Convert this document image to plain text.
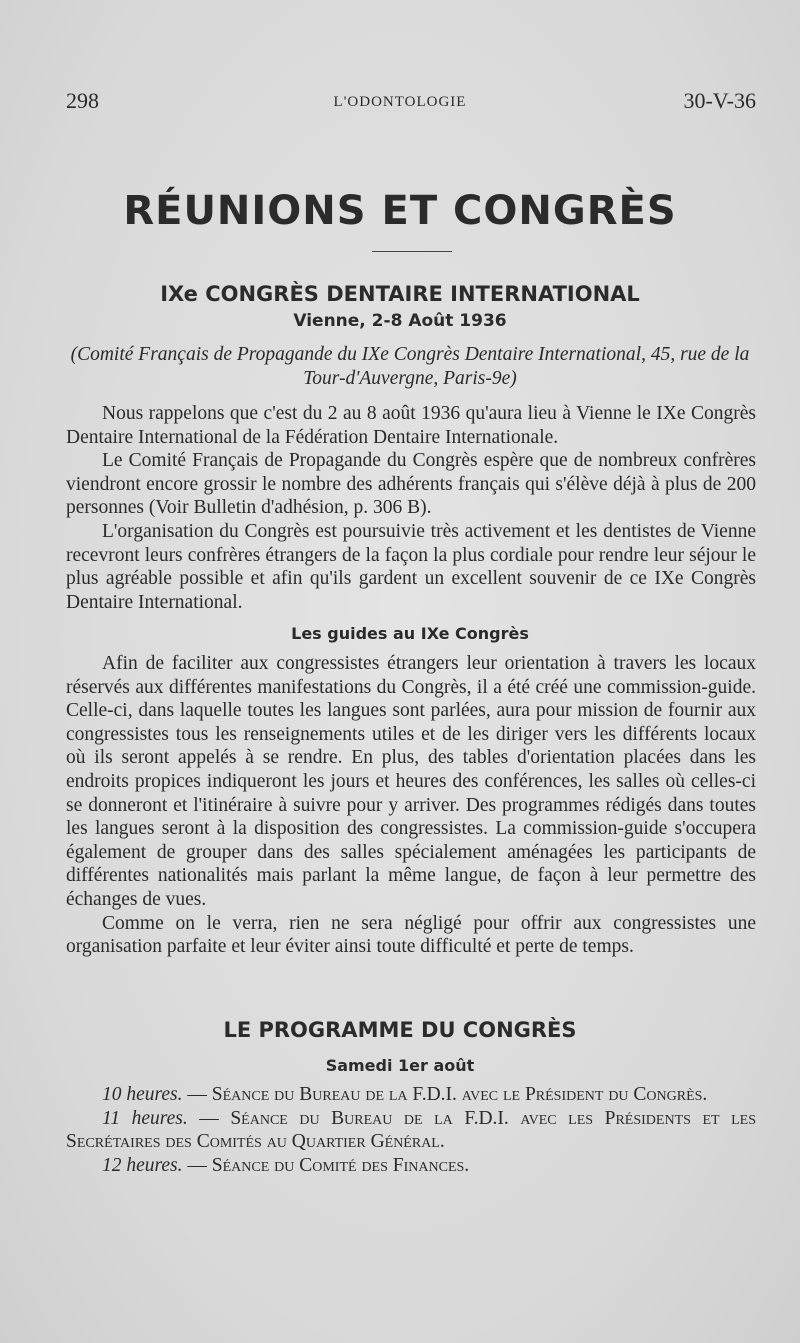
298	L'ODONTOLOGIE	30-V-36
RÉUNIONS ET CONGRÈS
IXe CONGRÈS DENTAIRE INTERNATIONAL
Vienne, 2-8 Août 1936
(Comité Français de Propagande du IXe Congrès Dentaire International, 45, rue de la Tour-d'Auvergne, Paris-9e)

Nous rappelons que c'est du 2 au 8 août 1936 qu'aura lieu à Vienne le IXe Congrès Dentaire International de la Fédération Dentaire Internationale.

Le Comité Français de Propagande du Congrès espère que de nombreux confrères viendront encore grossir le nombre des adhérents français qui s'élève déjà à plus de 200 personnes (Voir Bulletin d'adhésion, p. 306 B).

L'organisation du Congrès est poursuivie très activement et les dentistes de Vienne recevront leurs confrères étrangers de la façon la plus cordiale pour rendre leur séjour le plus agréable possible et afin qu'ils gardent un excellent souvenir de ce IXe Congrès Dentaire International.

Les guides au IXe Congrès

Afin de faciliter aux congressistes étrangers leur orientation à travers les locaux réservés aux différentes manifestations du Congrès, il a été créé une commission-guide. Celle-ci, dans laquelle toutes les langues sont parlées, aura pour mission de fournir aux congressistes tous les renseignements utiles et de les diriger vers les différents locaux où ils seront appelés à se rendre. En plus, des tables d'orientation placées dans les endroits propices indiqueront les jours et heures des conférences, les salles où celles-ci se donneront et l'itinéraire à suivre pour y arriver. Des programmes rédigés dans toutes les langues seront à la disposition des congressistes. La commission-guide s'occupera également de grouper dans des salles spécialement aménagées les participants de différentes nationalités mais parlant la même langue, de façon à leur permettre des échanges de vues.

Comme on le verra, rien ne sera négligé pour offrir aux congressistes une organisation parfaite et leur éviter ainsi toute difficulté et perte de temps.

LE PROGRAMME DU CONGRÈS
Samedi 1er août

10 heures. — Séance du Bureau de la F.D.I. avec le Président du Congrès.

11 heures. — Séance du Bureau de la F.D.I. avec les Présidents et les Secrétaires des Comités au Quartier Général.

12 heures. — Séance du Comité des Finances.
